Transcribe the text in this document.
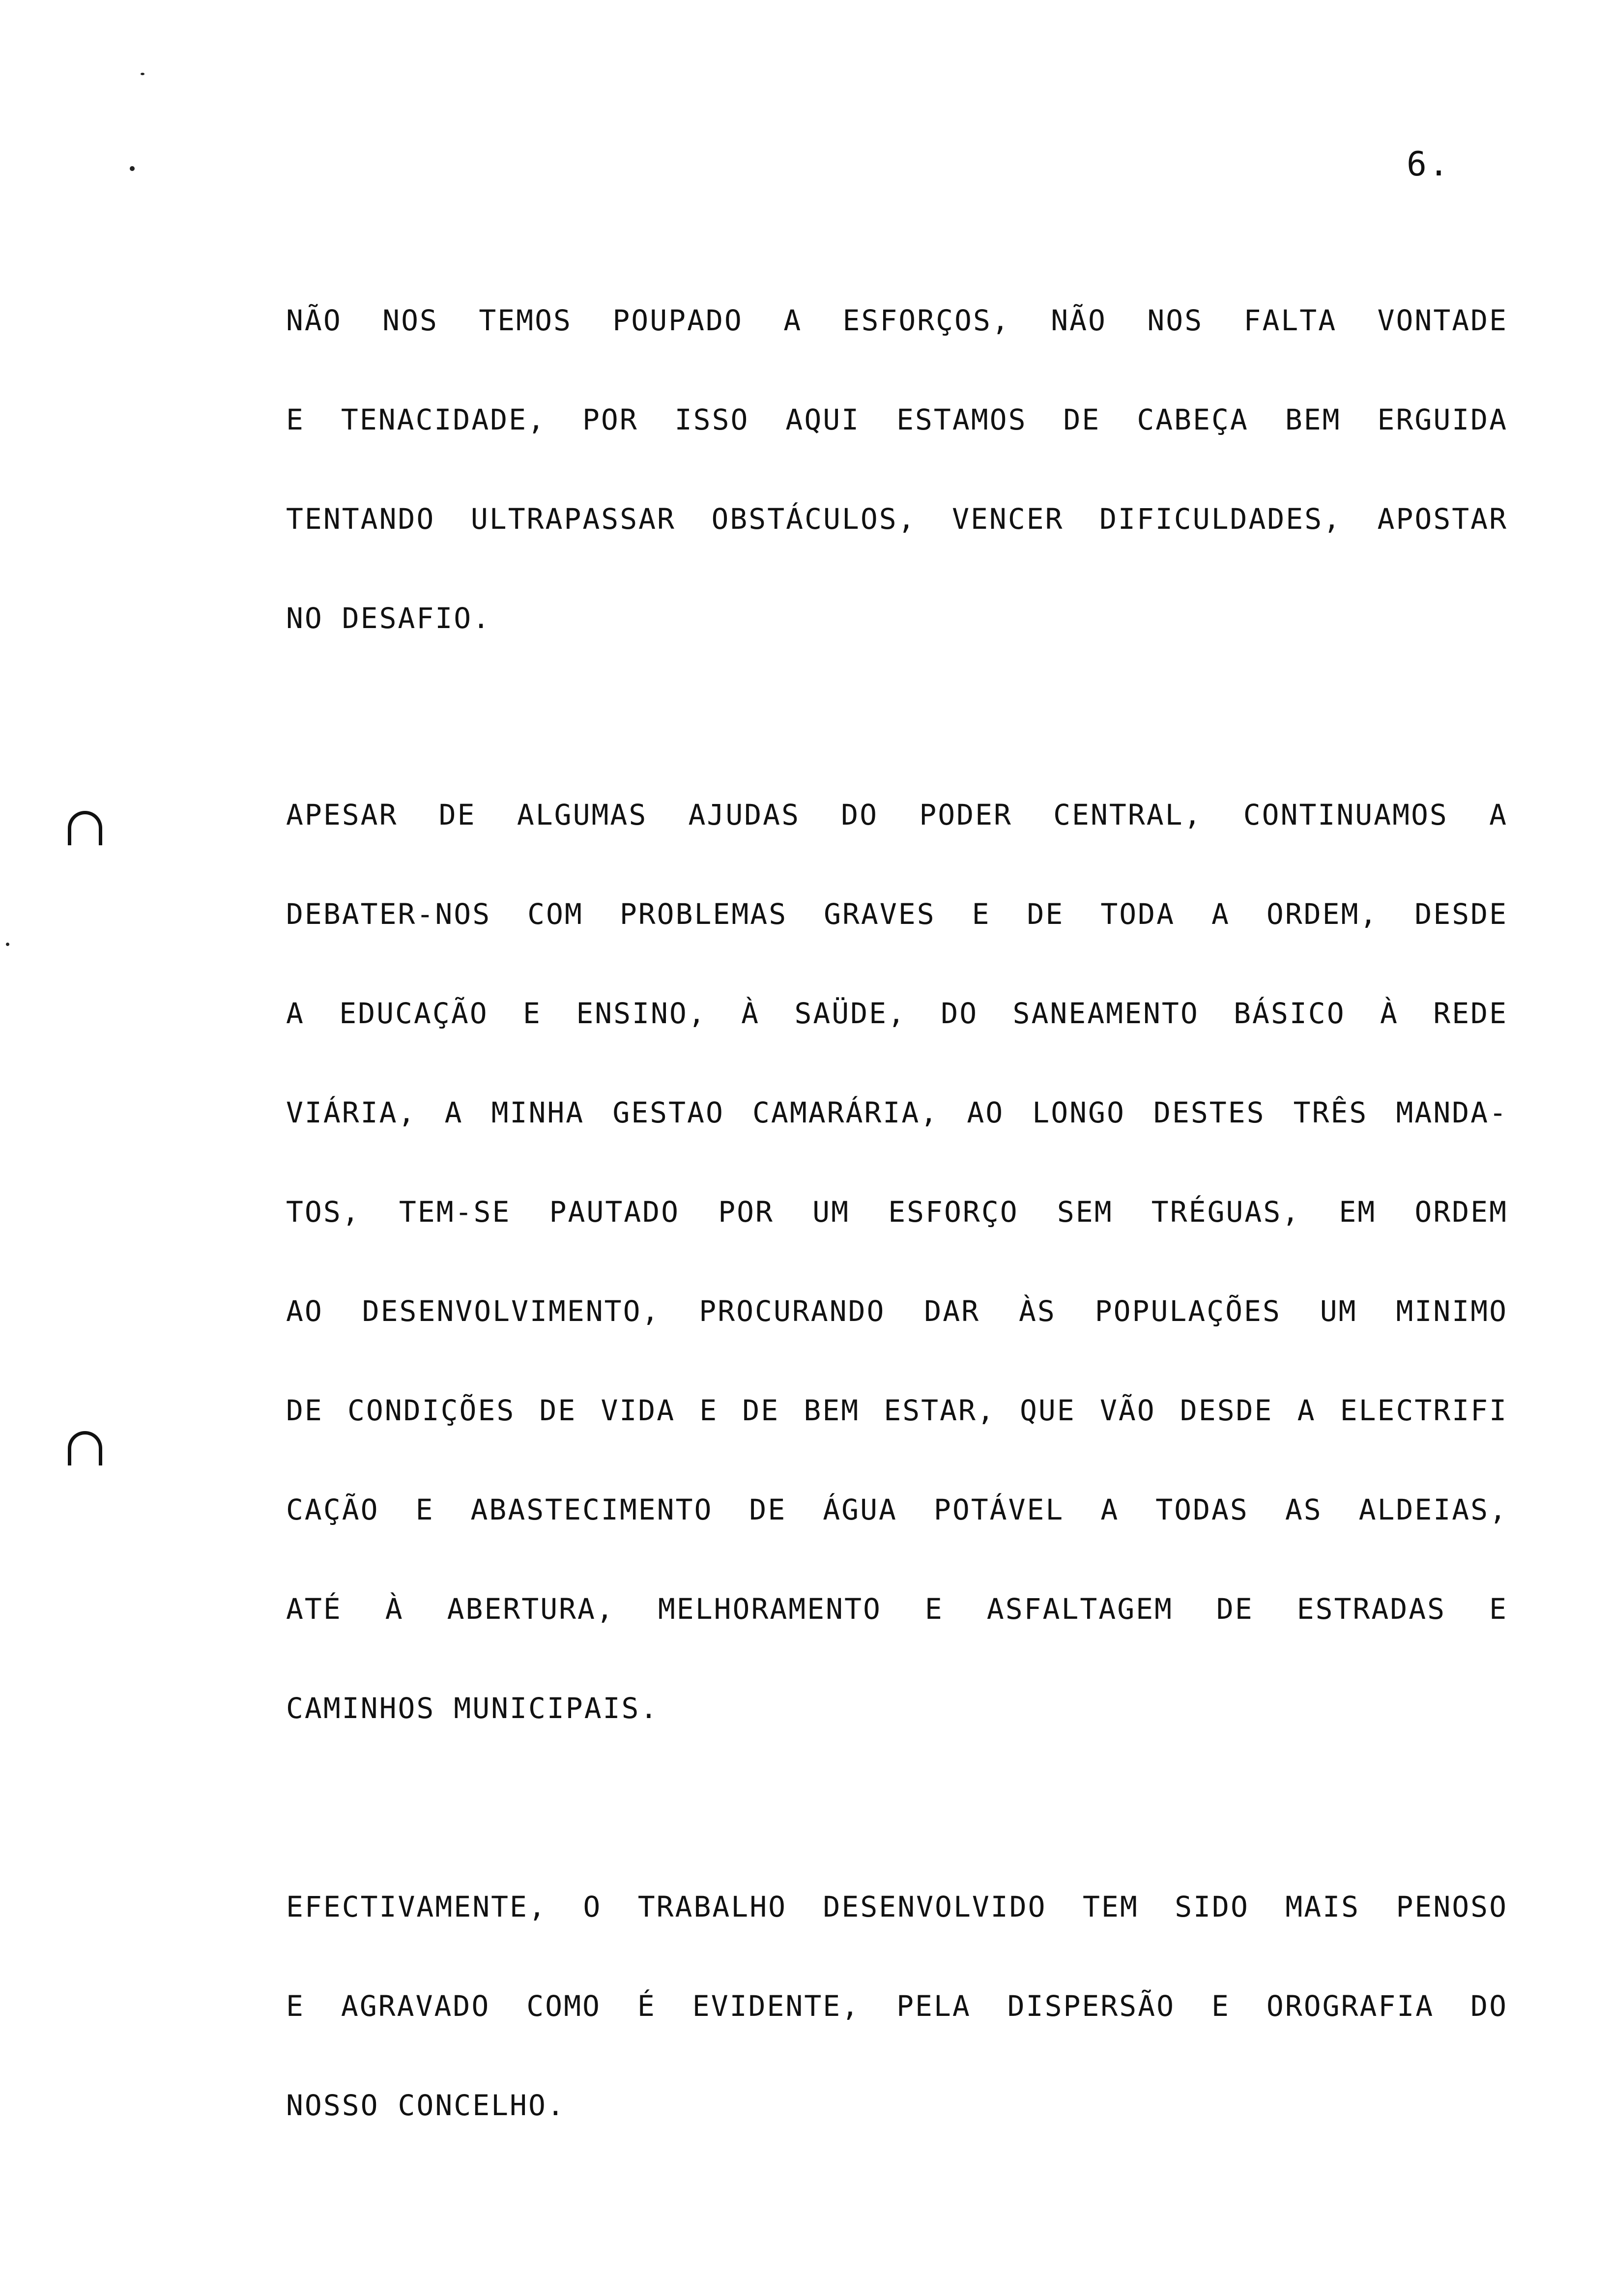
6.
NÃO NOS TEMOS POUPADO A ESFORÇOS, NÃO NOS FALTA VONTADE
E TENACIDADE, POR ISSO AQUI ESTAMOS DE CABEÇA BEM ERGUIDA
TENTANDO ULTRAPASSAR OBSTÁCULOS, VENCER DIFICULDADES, APOSTAR
NO DESAFIO.
APESAR DE ALGUMAS AJUDAS DO PODER CENTRAL, CONTINUAMOS A
DEBATER-NOS COM PROBLEMAS GRAVES E DE TODA A ORDEM, DESDE
A EDUCAÇÃO E ENSINO, À SAÜDE, DO SANEAMENTO BÁSICO À REDE
VIÁRIA, A MINHA GESTAO CAMARÁRIA, AO LONGO DESTES TRÊS MANDA-
TOS, TEM-SE PAUTADO POR UM ESFORÇO SEM TRÉGUAS, EM ORDEM
AO DESENVOLVIMENTO, PROCURANDO DAR ÀS POPULAÇÕES UM MINIMO
DE CONDIÇÕES DE VIDA E DE BEM ESTAR, QUE VÃO DESDE A ELECTRIFI
CAÇÃO E ABASTECIMENTO DE ÁGUA POTÁVEL A TODAS AS ALDEIAS,
ATÉ À ABERTURA, MELHORAMENTO E ASFALTAGEM DE ESTRADAS E
CAMINHOS MUNICIPAIS.
EFECTIVAMENTE, O TRABALHO DESENVOLVIDO TEM SIDO MAIS PENOSO
E AGRAVADO COMO É EVIDENTE, PELA DISPERSÃO E OROGRAFIA DO
NOSSO CONCELHO.
